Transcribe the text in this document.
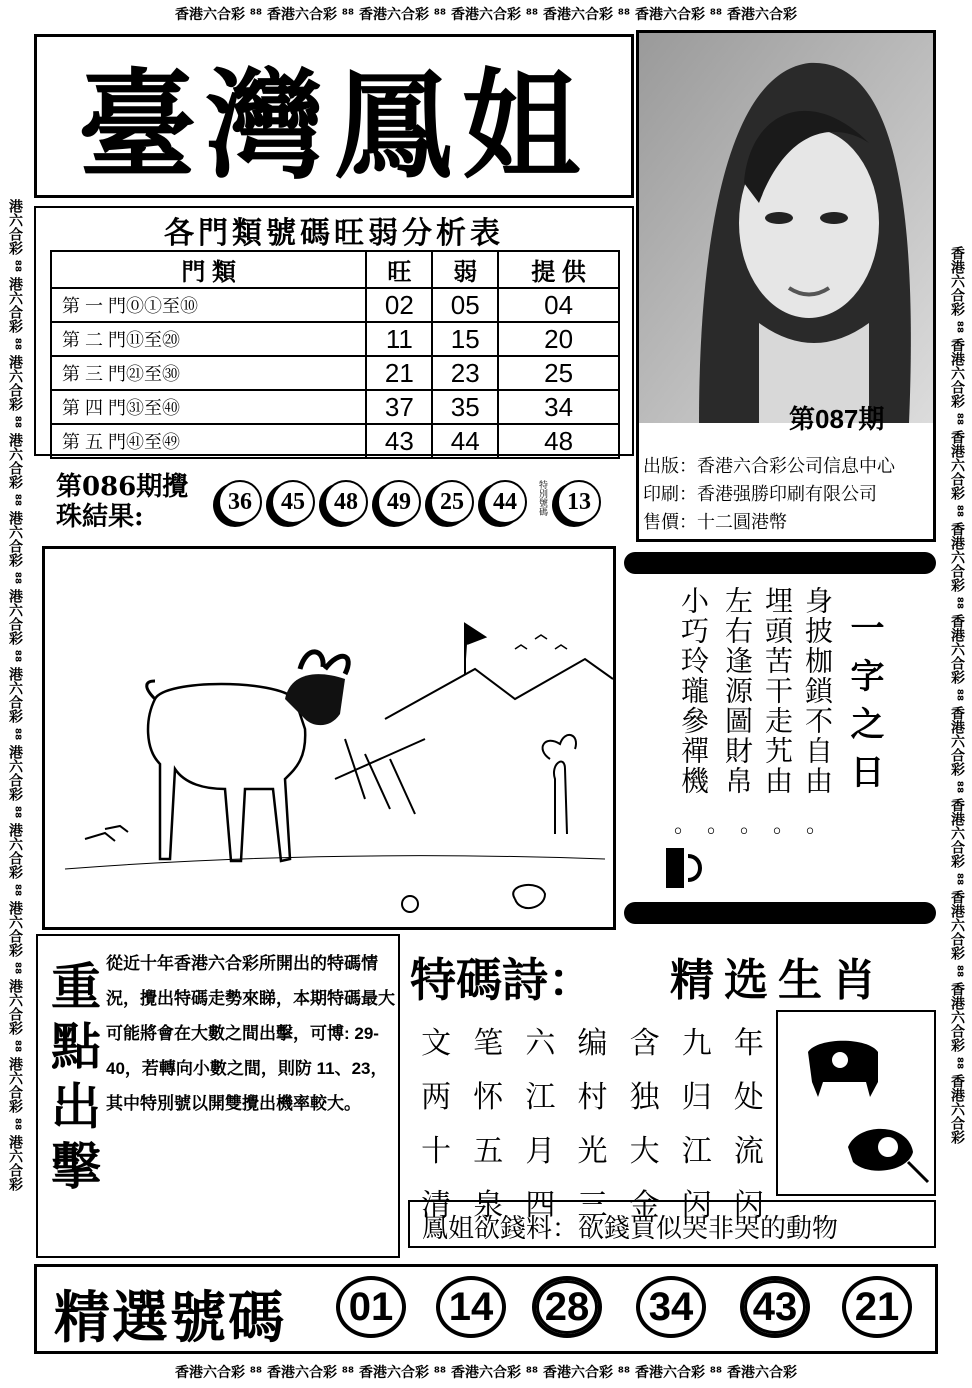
香港六合彩 ⁸⁸ 香港六合彩 ⁸⁸ 香港六合彩 ⁸⁸ 香港六合彩 ⁸⁸ 香港六合彩 ⁸⁸ 香港六合彩 ⁸⁸ 香港六合彩
香港六合彩 ⁸⁸ 香港六合彩 ⁸⁸ 香港六合彩 ⁸⁸ 香港六合彩 ⁸⁸ 香港六合彩 ⁸⁸ 香港六合彩 ⁸⁸ 香港六合彩
港六合彩 ⁸⁸ 港六合彩 ⁸⁸ 港六合彩 ⁸⁸ 港六合彩 ⁸⁸ 港六合彩 ⁸⁸ 港六合彩 ⁸⁸ 港六合彩 ⁸⁸ 港六合彩 ⁸⁸ 港六合彩 ⁸⁸ 港六合彩 ⁸⁸ 港六合彩 ⁸⁸ 港六合彩 ⁸⁸ 港六合彩	香港六合彩 ⁸⁸ 香港六合彩 ⁸⁸ 香港六合彩 ⁸⁸ 香港六合彩 ⁸⁸ 香港六合彩 ⁸⁸ 香港六合彩 ⁸⁸ 香港六合彩 ⁸⁸ 香港六合彩 ⁸⁸ 香港六合彩 ⁸⁸ 香港六合彩
臺灣鳳姐
各門類號碼旺弱分析表
門 類	旺	弱	提 供
第 一 門⓪①至⑩	02	05	04
第 二 門⑪至⑳	11	15	20
第 三 門㉑至㉚	21	23	25
第 四 門㉛至㊵	37	35	34
第 五 門㊶至㊾	43	44	48
第087期
出版：香港六合彩公司信息中心
印刷：香港强勝印刷有限公司
售價：十二圓港幣
第086期攪
珠結果:	36	45	48	49	25	44	特別號碼 13
一字之日
身披枷鎖不自由
埋頭苦干走艽由
左右逢源圖財帛
小巧玲瓏參禪機
。。。。。
重點出擊 從近十年香港六合彩所開出的特碼情況，攪出特碼走勢來睇，本期特碼最大可能將會在大數之間出擊，可博: 29-40，若轉向小數之間，則防 11、23，其中特別號以開雙攪出機率較大。
特碼詩： 精选生肖
文 笔 六 编 含 九 年
两 怀 江 村 独 归 处
十 五 月 光 大 江 流
清 泉 四 三 金 闪 闪
鳳姐欲錢料：欲錢買似哭非哭的動物
精選號碼	01	14	28	34	43	21
